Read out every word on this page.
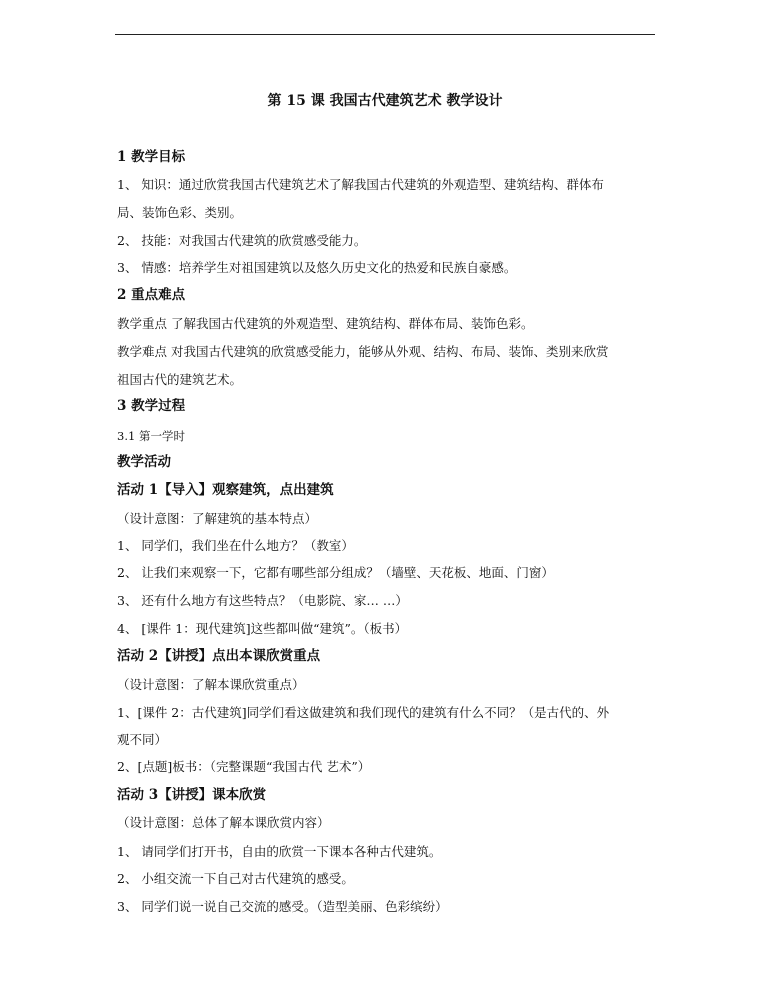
第 15 课 我国古代建筑艺术 教学设计
1 教学目标
1、 知识：通过欣赏我国古代建筑艺术了解我国古代建筑的外观造型、建筑结构、群体布
局、装饰色彩、类别。
2、 技能：对我国古代建筑的欣赏感受能力。
3、 情感：培养学生对祖国建筑以及悠久历史文化的热爱和民族自豪感。
2 重点难点
教学重点 了解我国古代建筑的外观造型、建筑结构、群体布局、装饰色彩。
教学难点 对我国古代建筑的欣赏感受能力，能够从外观、结构、布局、装饰、类别来欣赏
祖国古代的建筑艺术。
3 教学过程
3.1 第一学时
教学活动
活动 1【导入】观察建筑，点出建筑
（设计意图：了解建筑的基本特点）
1、 同学们，我们坐在什么地方？（教室）
2、 让我们来观察一下，它都有哪些部分组成？（墙壁、天花板、地面、门窗）
3、 还有什么地方有这些特点？（电影院、家… …）
4、 [课件 1：现代建筑]这些都叫做“建筑”。（板书）
活动 2【讲授】点出本课欣赏重点
（设计意图：了解本课欣赏重点）
1、[课件 2：古代建筑]同学们看这做建筑和我们现代的建筑有什么不同？（是古代的、外
观不同）
2、[点题]板书：（完整课题“我国古代 艺术”）
活动 3【讲授】课本欣赏
（设计意图：总体了解本课欣赏内容）
1、 请同学们打开书，自由的欣赏一下课本各种古代建筑。
2、 小组交流一下自己对古代建筑的感受。
3、 同学们说一说自己交流的感受。（造型美丽、色彩缤纷）
